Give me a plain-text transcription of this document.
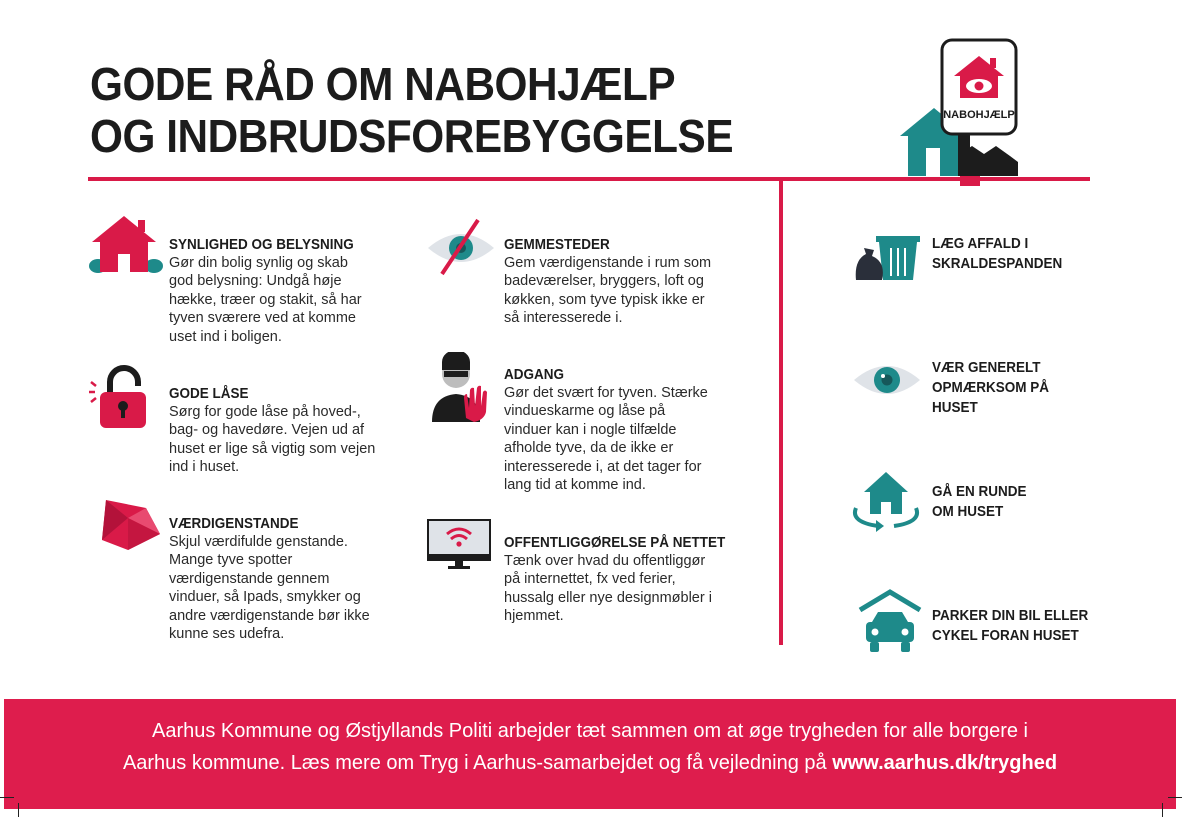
GODE RÅD OM NABOHJÆLP
OG INDBRUDSFOREBYGGELSE	NABOHJÆLP
SYNLIGHED OG BELYSNING
Gør din bolig synlig og skab
god belysning: Undgå høje
hække, træer og stakit, så har
tyven sværere ved at komme
uset ind i boligen.
GODE LÅSE
Sørg for gode låse på hoved-,
bag- og havedøre. Vejen ud af
huset er lige så vigtig som vejen
ind i huset.
VÆRDIGENSTANDE
Skjul værdifulde genstande.
Mange tyve spotter
værdigenstande gennem
vinduer, så Ipads, smykker og
andre værdigenstande bør ikke
kunne ses udefra.
GEMMESTEDER
Gem værdigenstande i rum som
badeværelser, bryggers, loft og
køkken, som tyve typisk ikke er
så interesserede i.
ADGANG
Gør det svært for tyven. Stærke
vindueskarme og låse på
vinduer kan i nogle tilfælde
afholde tyve, da de ikke er
interesserede i, at det tager for
lang tid at komme ind.
OFFENTLIGGØRELSE PÅ NETTET
Tænk over hvad du offentliggør
på internettet, fx ved ferier,
hussalg eller nye designmøbler i
hjemmet.
LÆG AFFALD I
SKRALDESPANDEN
VÆR GENERELT
OPMÆRKSOM PÅ HUSET
GÅ EN RUNDE
OM HUSET
PARKER DIN BIL ELLER
CYKEL FORAN HUSET
Aarhus Kommune og Østjyllands Politi arbejder tæt sammen om at øge trygheden for alle borgere i
Aarhus kommune. Læs mere om Tryg i Aarhus-samarbejdet og få vejledning på www.aarhus.dk/tryghed
